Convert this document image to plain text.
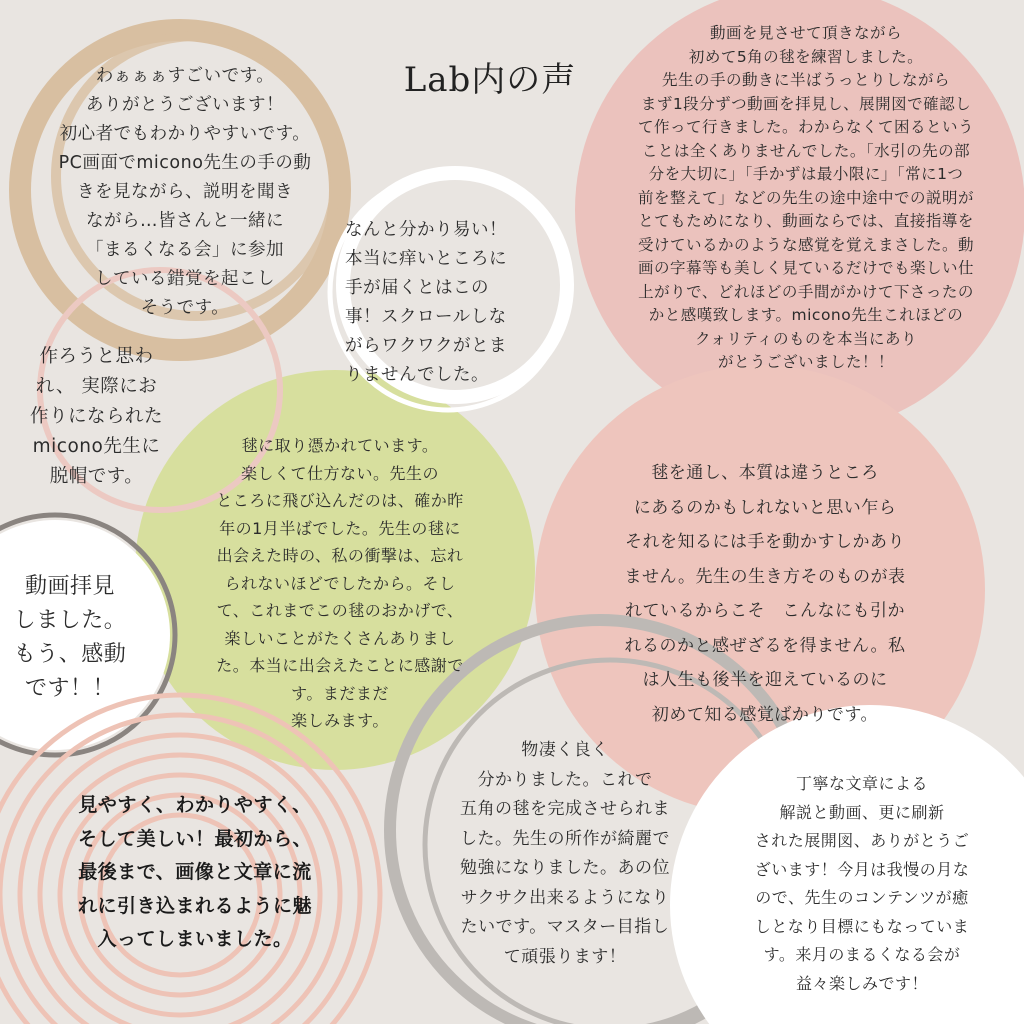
Lab内の声
わぁぁぁすごいです。
ありがとうございます！
初心者でもわかりやすいです。
PC画面でmicono先生の手の動
きを見ながら、説明を聞き
ながら…皆さんと一緒に
「まるくなる会」に参加
している錯覚を起こし
そうです。
動画を見させて頂きながら
初めて5角の毬を練習しました。
先生の手の動きに半ばうっとりしながら
まず1段分ずつ動画を拝見し、展開図で確認し
て作って行きました。わからなくて困るという
ことは全くありませんでした。「水引の先の部
分を大切に」「手かずは最小限に」「常に1つ
前を整えて」などの先生の途中途中での説明が
とてもためになり、動画ならでは、直接指導を
受けているかのような感覚を覚えまさした。動
画の字幕等も美しく見ているだけでも楽しい仕
上がりで、どれほどの手間がかけて下さったの
かと感嘆致します。micono先生これほどの
クォリティのものを本当にあり
がとうございました！！
なんと分かり易い！
本当に痒いところに
手が届くとはこの
事！スクロールしな
がらワクワクがとま
りませんでした。
作ろうと思わ
れ、 実際にお
作りになられた
micono先生に
脱帽です。
毬に取り憑かれています。
楽しくて仕方ない。先生の
ところに飛び込んだのは、確か昨
年の1月半ばでした。先生の毬に
出会えた時の、私の衝撃は、忘れ
られないほどでしたから。そし
て、これまでこの毬のおかげで、
楽しいことがたくさんありまし
た。本当に出会えたことに感謝で
す。まだまだ
楽しみます。
毬を通し、本質は違うところ
にあるのかもしれないと思い乍ら
それを知るには手を動かすしかあり
ません。先生の生き方そのものが表
れているからこそ　こんなにも引か
れるのかと感ぜざるを得ません。私
は人生も後半を迎えているのに
初めて知る感覚ばかりです。
動画拝見
しました。
もう、感動
です！！
物凄く良く
分かりました。これで
五角の毬を完成させられま
した。先生の所作が綺麗で
勉強になりました。あの位
サクサク出来るようになり
たいです。マスター目指し
て頑張ります！
見やすく、わかりやすく、
そして美しい！最初から、
最後まで、画像と文章に流
れに引き込まれるように魅
入ってしまいました。
丁寧な文章による
解説と動画、更に刷新
された展開図、ありがとうご
ざいます！今月は我慢の月な
ので、先生のコンテンツが癒
しとなり目標にもなっていま
す。来月のまるくなる会が
益々楽しみです！
